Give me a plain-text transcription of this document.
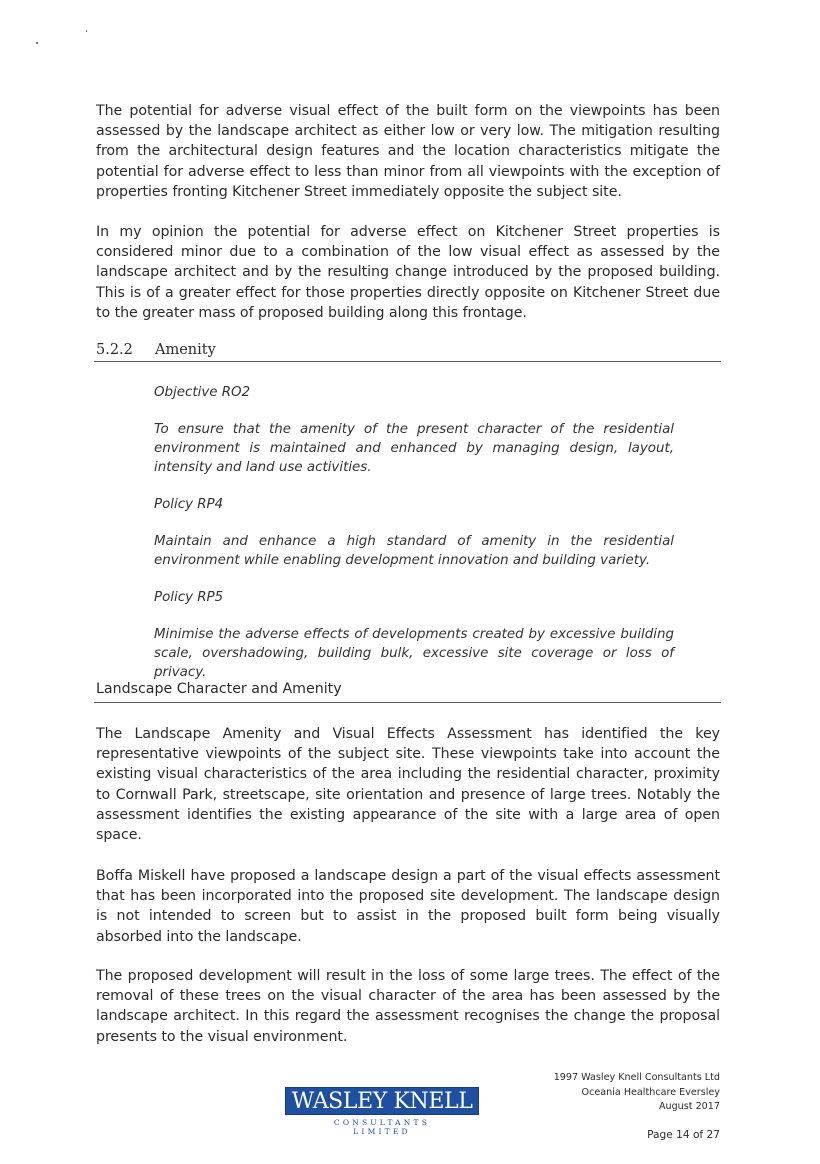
The potential for adverse visual effect of the built form on the viewpoints has been assessed by the landscape architect as either low or very low. The mitigation resulting from the architectural design features and the location characteristics mitigate the potential for adverse effect to less than minor from all viewpoints with the exception of properties fronting Kitchener Street immediately opposite the subject site.

In my opinion the potential for adverse effect on Kitchener Street properties is considered minor due to a combination of the low visual effect as assessed by the landscape architect and by the resulting change introduced by the proposed building. This is of a greater effect for those properties directly opposite on Kitchener Street due to the greater mass of proposed building along this frontage.

5.2.2 Amenity

Objective RO2

To ensure that the amenity of the present character of the residential environment is maintained and enhanced by managing design, layout, intensity and land use activities.

Policy RP4

Maintain and enhance a high standard of amenity in the residential environment while enabling development innovation and building variety.

Policy RP5

Minimise the adverse effects of developments created by excessive building scale, overshadowing, building bulk, excessive site coverage or loss of privacy.

Landscape Character and Amenity

The Landscape Amenity and Visual Effects Assessment has identified the key representative viewpoints of the subject site. These viewpoints take into account the existing visual characteristics of the area including the residential character, proximity to Cornwall Park, streetscape, site orientation and presence of large trees. Notably the assessment identifies the existing appearance of the site with a large area of open space.

Boffa Miskell have proposed a landscape design a part of the visual effects assessment that has been incorporated into the proposed site development. The landscape design is not intended to screen but to assist in the proposed built form being visually absorbed into the landscape.

The proposed development will result in the loss of some large trees. The effect of the removal of these trees on the visual character of the area has been assessed by the landscape architect. In this regard the assessment recognises the change the proposal presents to the visual environment.

WASLEY KNELL
CONSULTANTS
LIMITED
1997 Wasley Knell Consultants Ltd
Oceania Healthcare Eversley
August 2017
Page 14 of 27
